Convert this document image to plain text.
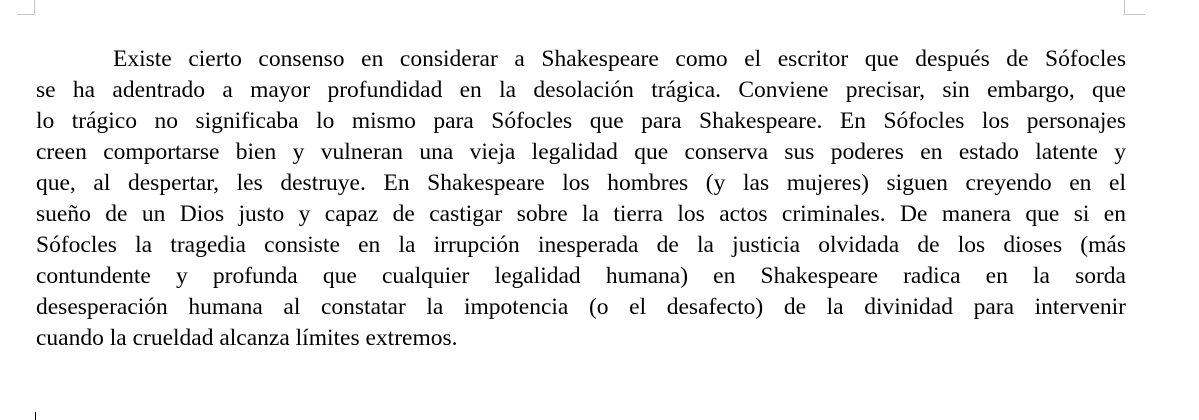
Existe cierto consenso en considerar a Shakespeare como el escritor que después de Sófocles
se ha adentrado a mayor profundidad en la desolación trágica. Conviene precisar, sin embargo, que
lo trágico no significaba lo mismo para Sófocles que para Shakespeare. En Sófocles los personajes
creen comportarse bien y vulneran una vieja legalidad que conserva sus poderes en estado latente y
que, al despertar, les destruye. En Shakespeare los hombres (y las mujeres) siguen creyendo en el
sueño de un Dios justo y capaz de castigar sobre la tierra los actos criminales. De manera que si en
Sófocles la tragedia consiste en la irrupción inesperada de la justicia olvidada de los dioses (más
contundente y profunda que cualquier legalidad humana) en Shakespeare radica en la sorda
desesperación humana al constatar la impotencia (o el desafecto) de la divinidad para intervenir
cuando la crueldad alcanza límites extremos.
